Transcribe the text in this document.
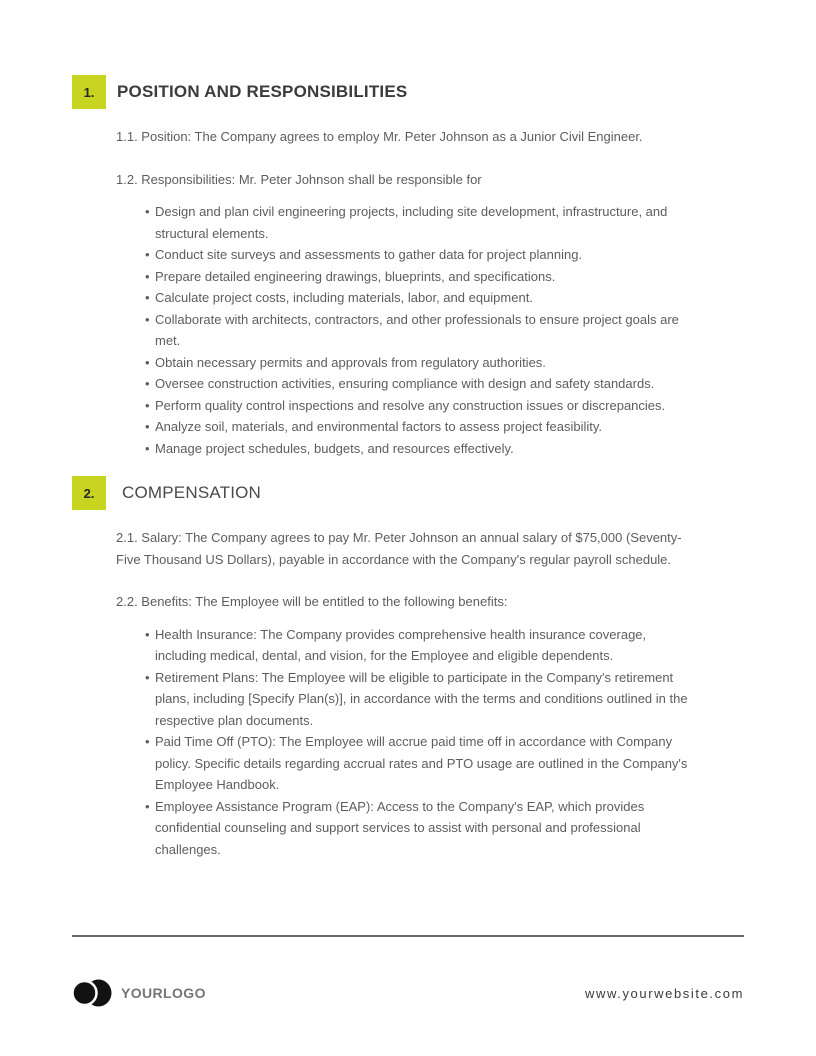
1. POSITION AND RESPONSIBILITIES

1.1. Position: The Company agrees to employ Mr. Peter Johnson as a Junior Civil Engineer.

1.2. Responsibilities: Mr. Peter Johnson shall be responsible for

• Design and plan civil engineering projects, including site development, infrastructure, and structural elements.
• Conduct site surveys and assessments to gather data for project planning.
• Prepare detailed engineering drawings, blueprints, and specifications.
• Calculate project costs, including materials, labor, and equipment.
• Collaborate with architects, contractors, and other professionals to ensure project goals are met.
• Obtain necessary permits and approvals from regulatory authorities.
• Oversee construction activities, ensuring compliance with design and safety standards.
• Perform quality control inspections and resolve any construction issues or discrepancies.
• Analyze soil, materials, and environmental factors to assess project feasibility.
• Manage project schedules, budgets, and resources effectively.
2. COMPENSATION

2.1. Salary: The Company agrees to pay Mr. Peter Johnson an annual salary of $75,000 (Seventy-Five Thousand US Dollars), payable in accordance with the Company's regular payroll schedule.

2.2. Benefits: The Employee will be entitled to the following benefits:

• Health Insurance: The Company provides comprehensive health insurance coverage, including medical, dental, and vision, for the Employee and eligible dependents.
• Retirement Plans: The Employee will be eligible to participate in the Company's retirement plans, including [Specify Plan(s)], in accordance with the terms and conditions outlined in the respective plan documents.
• Paid Time Off (PTO): The Employee will accrue paid time off in accordance with Company policy. Specific details regarding accrual rates and PTO usage are outlined in the Company's Employee Handbook.
• Employee Assistance Program (EAP): Access to the Company's EAP, which provides confidential counseling and support services to assist with personal and professional challenges.
YOURLOGO	www.yourwebsite.com
